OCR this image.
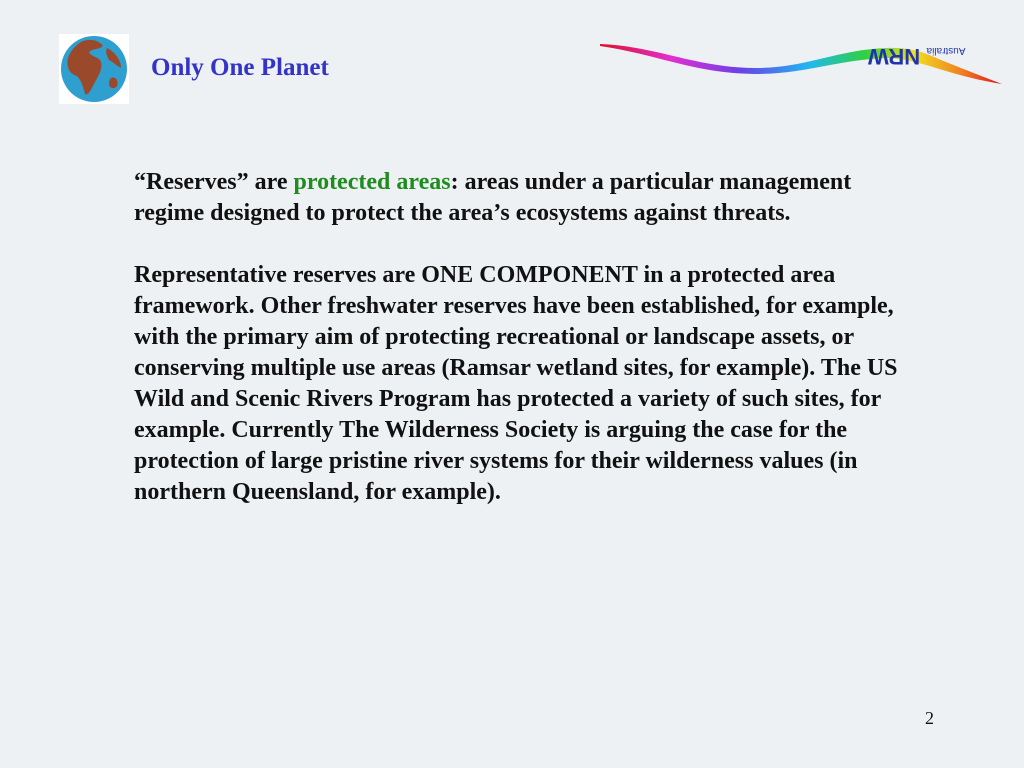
Only One Planet	NRW Australia

“Reserves” are protected areas: areas under a particular management regime designed to protect the area’s ecosystems against threats.

Representative reserves are ONE COMPONENT in a protected area framework. Other freshwater reserves have been established, for example, with the primary aim of protecting recreational or landscape assets, or conserving multiple use areas (Ramsar wetland sites, for example). The US Wild and Scenic Rivers Program has protected a variety of such sites, for example. Currently The Wilderness Society is arguing the case for the protection of large pristine river systems for their wilderness values (in northern Queensland, for example).

2
